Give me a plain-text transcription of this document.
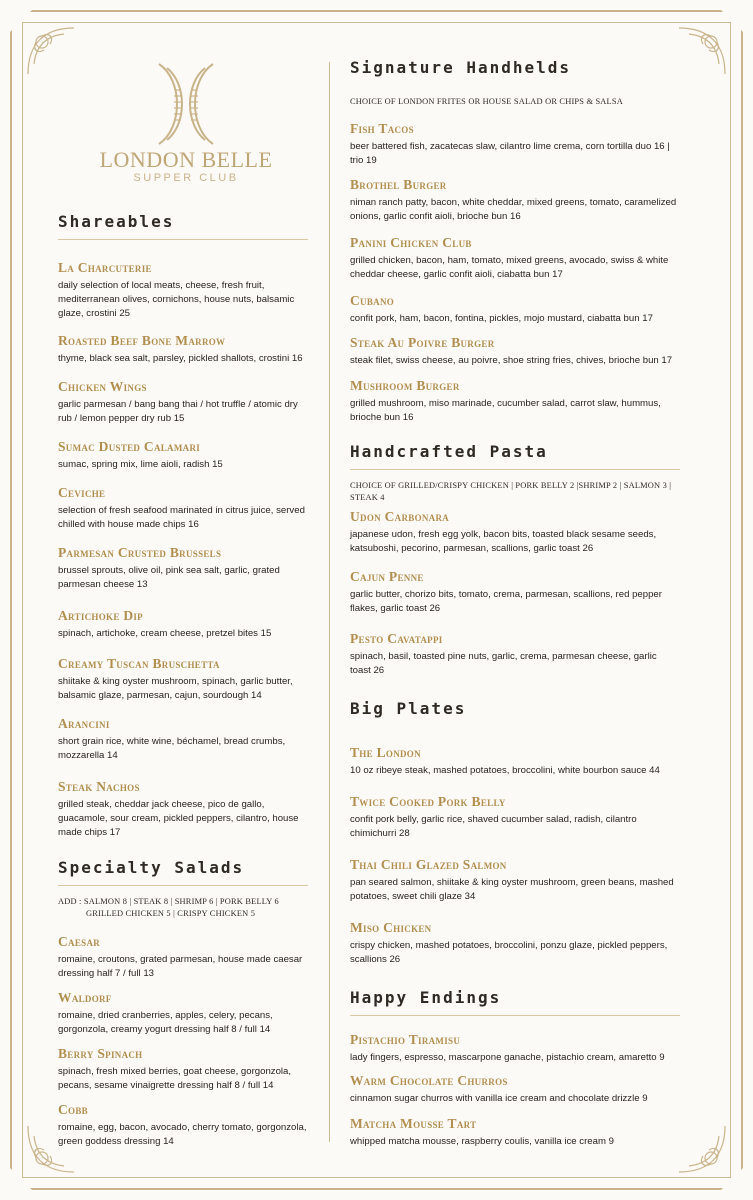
LONDON BELLE
SUPPER CLUB
Shareables

La Charcuterie

daily selection of local meats, cheese, fresh fruit, mediterranean olives, cornichons, house nuts, balsamic glaze, crostini 25

Roasted Beef Bone Marrow

thyme, black sea salt, parsley, pickled shallots, crostini 16

Chicken Wings

garlic parmesan / bang bang thai / hot truffle / atomic dry rub / lemon pepper dry rub 15

Sumac Dusted Calamari

sumac, spring mix, lime aioli, radish 15

Ceviche

selection of fresh seafood marinated in citrus juice, served chilled with house made chips 16

Parmesan Crusted Brussels

brussel sprouts, olive oil, pink sea salt, garlic, grated parmesan cheese 13

Artichoke Dip

spinach, artichoke, cream cheese, pretzel bites 15

Creamy Tuscan Bruschetta

shiitake & king oyster mushroom, spinach, garlic butter, balsamic glaze, parmesan, cajun, sourdough 14

Arancini

short grain rice, white wine, béchamel, bread crumbs, mozzarella 14

Steak Nachos

grilled steak, cheddar jack cheese, pico de gallo, guacamole, sour cream, pickled peppers, cilantro, house made chips 17

Specialty Salads

ADD : SALMON 8 | STEAK 8 | SHRIMP 6 | PORK BELLY 6

GRILLED CHICKEN 5 | CRISPY CHICKEN 5

Caesar

romaine, croutons, grated parmesan, house made caesar dressing half 7 / full 13

Waldorf

romaine, dried cranberries, apples, celery, pecans, gorgonzola, creamy yogurt dressing half 8 / full 14

Berry Spinach

spinach, fresh mixed berries, goat cheese, gorgonzola, pecans, sesame vinaigrette dressing half 8 / full 14

Cobb

romaine, egg, bacon, avocado, cherry tomato, gorgonzola, green goddess dressing 14

Signature Handhelds

CHOICE OF LONDON FRITES OR HOUSE SALAD OR CHIPS & SALSA

Fish Tacos

beer battered fish, zacatecas slaw, cilantro lime crema, corn tortilla duo 16 | trio 19

Brothel Burger

niman ranch patty, bacon, white cheddar, mixed greens, tomato, caramelized onions, garlic confit aioli, brioche bun 16

Panini Chicken Club

grilled chicken, bacon, ham, tomato, mixed greens, avocado, swiss & white cheddar cheese, garlic confit aioli, ciabatta bun 17

Cubano

confit pork, ham, bacon, fontina, pickles, mojo mustard, ciabatta bun 17

Steak Au Poivre Burger

steak filet, swiss cheese, au poivre, shoe string fries, chives, brioche bun 17

Mushroom Burger

grilled mushroom, miso marinade, cucumber salad, carrot slaw, hummus, brioche bun 16

Handcrafted Pasta

CHOICE OF GRILLED/CRISPY CHICKEN | PORK BELLY 2 |SHRIMP 2 | SALMON 3 | STEAK 4

Udon Carbonara

japanese udon, fresh egg yolk, bacon bits, toasted black sesame seeds, katsuboshi, pecorino, parmesan, scallions, garlic toast 26

Cajun Penne

garlic butter, chorizo bits, tomato, crema, parmesan, scallions, red pepper flakes, garlic toast 26

Pesto Cavatappi

spinach, basil, toasted pine nuts, garlic, crema, parmesan cheese, garlic toast 26

Big Plates

The London

10 oz ribeye steak, mashed potatoes, broccolini, white bourbon sauce 44

Twice Cooked Pork Belly

confit pork belly, garlic rice, shaved cucumber salad, radish, cilantro chimichurri 28

Thai Chili Glazed Salmon

pan seared salmon, shiitake & king oyster mushroom, green beans, mashed potatoes, sweet chili glaze 34

Miso Chicken

crispy chicken, mashed potatoes, broccolini, ponzu glaze, pickled peppers, scallions 26

Happy Endings

Pistachio Tiramisu

lady fingers, espresso, mascarpone ganache, pistachio cream, amaretto 9

Warm Chocolate Churros

cinnamon sugar churros with vanilla ice cream and chocolate drizzle 9

Matcha Mousse Tart

whipped matcha mousse, raspberry coulis, vanilla ice cream 9
